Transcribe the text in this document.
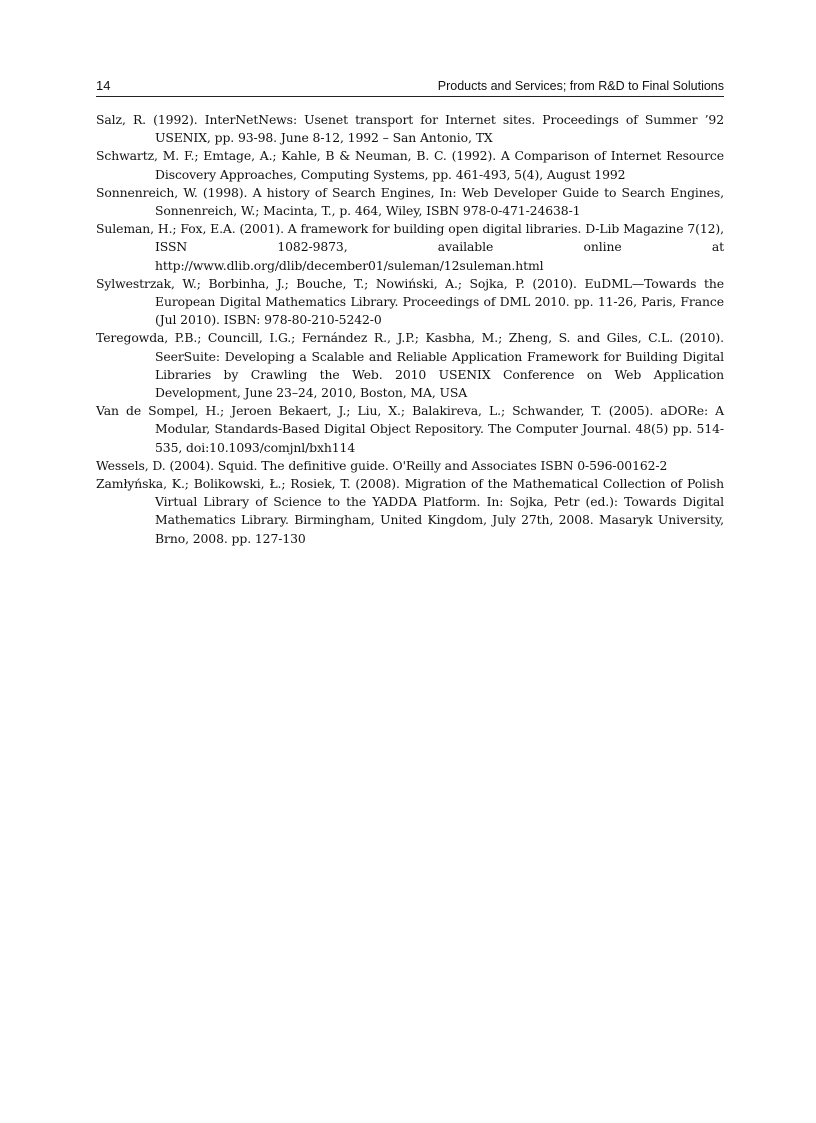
14	Products and Services; from R&D to Final Solutions
Salz, R. (1992). InterNetNews: Usenet transport for Internet sites. Proceedings of Summer ’92 USENIX, pp. 93-98. June 8-12, 1992 – San Antonio, TX
Schwartz, M. F.; Emtage, A.; Kahle, B & Neuman, B. C. (1992). A Comparison of Internet Resource Discovery Approaches, Computing Systems, pp. 461-493, 5(4), August 1992
Sonnenreich, W. (1998). A history of Search Engines, In: Web Developer Guide to Search Engines, Sonnenreich, W.; Macinta, T., p. 464, Wiley, ISBN 978-0-471-24638-1
Suleman, H.; Fox, E.A. (2001). A framework for building open digital libraries. D-Lib Magazine 7(12), ISSN 1082-9873, available online at http://www.dlib.org/dlib/december01/suleman/12suleman.html
Sylwestrzak, W.; Borbinha, J.; Bouche, T.; Nowiński, A.; Sojka, P. (2010). EuDML—Towards the European Digital Mathematics Library. Proceedings of DML 2010. pp. 11-26, Paris, France (Jul 2010). ISBN: 978-80-210-5242-0
Teregowda, P.B.; Councill, I.G.; Fernández R., J.P.; Kasbha, M.; Zheng, S. and Giles, C.L. (2010). SeerSuite: Developing a Scalable and Reliable Application Framework for Building Digital Libraries by Crawling the Web. 2010 USENIX Conference on Web Application Development, June 23–24, 2010, Boston, MA, USA
Van de Sompel, H.; Jeroen Bekaert, J.; Liu, X.; Balakireva, L.; Schwander, T. (2005). aDORe: A Modular, Standards-Based Digital Object Repository. The Computer Journal. 48(5) pp. 514-535, doi:10.1093/comjnl/bxh114
Wessels, D. (2004). Squid. The definitive guide. O'Reilly and Associates ISBN 0-596-00162-2
Zamłyńska, K.; Bolikowski, Ł.; Rosiek, T. (2008). Migration of the Mathematical Collection of Polish Virtual Library of Science to the YADDA Platform. In: Sojka, Petr (ed.): Towards Digital Mathematics Library. Birmingham, United Kingdom, July 27th, 2008. Masaryk University, Brno, 2008. pp. 127-130
